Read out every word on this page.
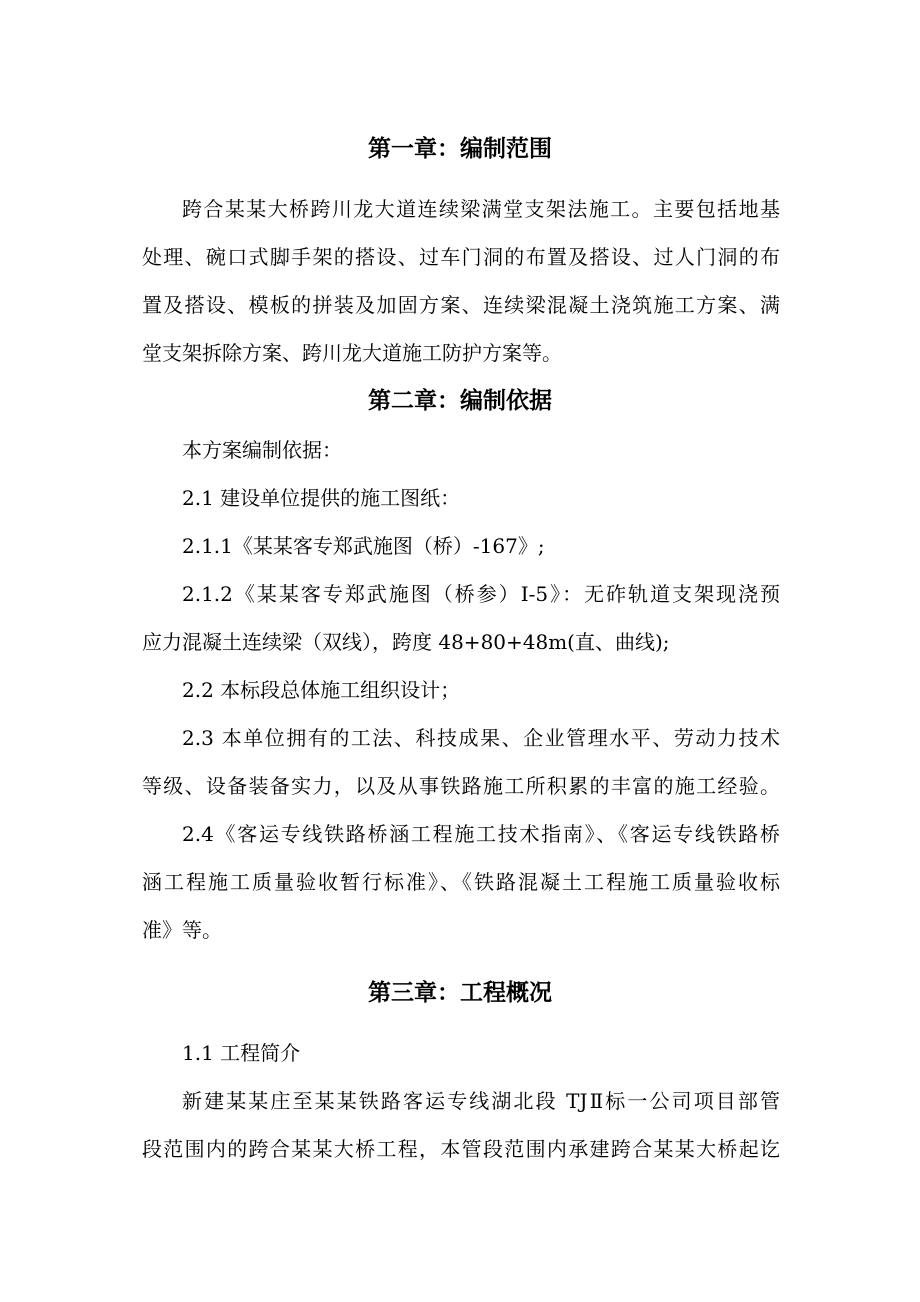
第一章：编制范围
跨合某某大桥跨川龙大道连续梁满堂支架法施工。主要包括地基
处理、碗口式脚手架的搭设、过车门洞的布置及搭设、过人门洞的布
置及搭设、模板的拼装及加固方案、连续梁混凝土浇筑施工方案、满
堂支架拆除方案、跨川龙大道施工防护方案等。
第二章：编制依据
本方案编制依据：
2.1 建设单位提供的施工图纸：
2.1.1《某某客专郑武施图（桥）-167》;
2.1.2《某某客专郑武施图（桥参）I-5》：无砟轨道支架现浇预
应力混凝土连续梁（双线），跨度 48+80+48m(直、曲线);
2.2 本标段总体施工组织设计；
2.3 本单位拥有的工法、科技成果、企业管理水平、劳动力技术
等级、设备装备实力，以及从事铁路施工所积累的丰富的施工经验。
2.4《客运专线铁路桥涵工程施工技术指南》、《客运专线铁路桥
涵工程施工质量验收暂行标准》、《铁路混凝土工程施工质量验收标
准》等。
第三章：工程概况
1.1 工程简介
新建某某庄至某某铁路客运专线湖北段 TJⅡ标一公司项目部管
段范围内的跨合某某大桥工程，本管段范围内承建跨合某某大桥起讫
